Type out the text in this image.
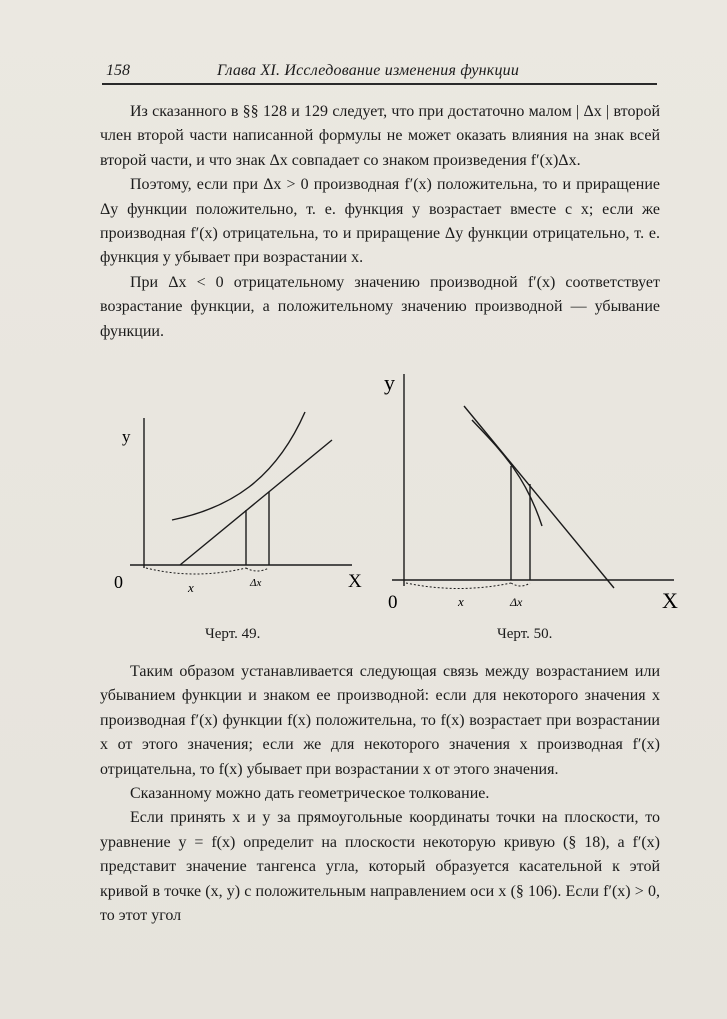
158	Глава XI. Исследование изменения функции

Из сказанного в §§ 128 и 129 следует, что при достаточно малом | Δx | второй член второй части написанной формулы не может оказать влияния на знак всей второй части, и что знак Δx совпадает со знаком произведения f′(x)Δx.

Поэтому, если при Δx > 0 производная f′(x) положительна, то и приращение Δy функции положительно, т. е. функция y возрастает вместе с x; если же производная f′(x) отрицательна, то и приращение Δy функции отрицательно, т. е. функция y убывает при возрастании x.

При Δx < 0 отрицательному значению производной f′(x) соответствует возрастание функции, а положительному значению производной — убывание функции.

y
0	X
x	Δx
Черт. 49.
y
0	X
x	Δx
Черт. 50.

Таким образом устанавливается следующая связь между возрастанием или убыванием функции и знаком ее производной: если для некоторого значения x производная f′(x) функции f(x) положительна, то f(x) возрастает при возрастании x от этого значения; если же для некоторого значения x производная f′(x) отрицательна, то f(x) убывает при возрастании x от этого значения.

Сказанному можно дать геометрическое толкование.

Если принять x и y за прямоугольные координаты точки на плоскости, то уравнение y = f(x) определит на плоскости некоторую кривую (§ 18), а f′(x) представит значение тангенса угла, который образуется касательной к этой кривой в точке (x, y) с положительным направлением оси x (§ 106). Если f′(x) > 0, то этот угол
